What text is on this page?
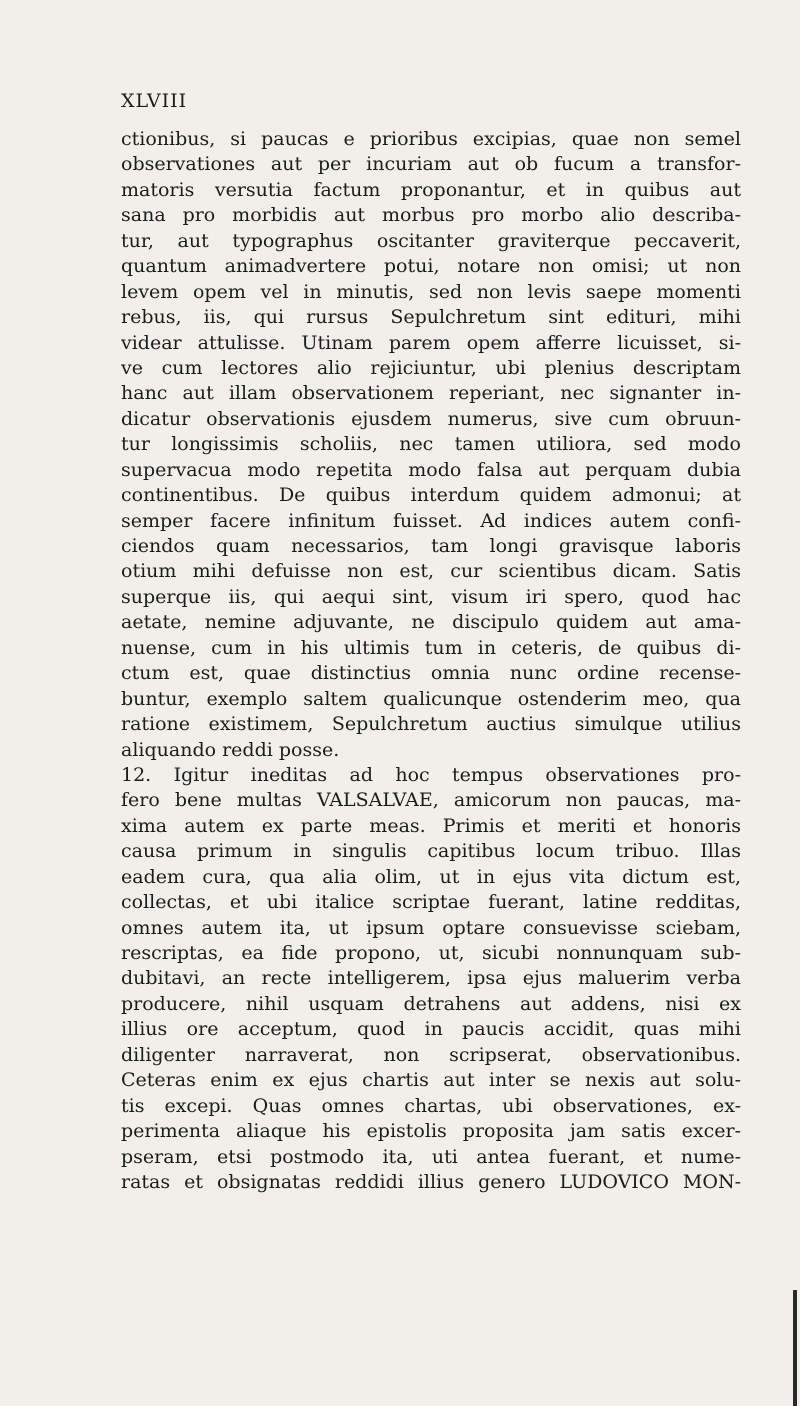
XLVIII
ctionibus, si paucas e prioribus excipias, quae non semel
observationes aut per incuriam aut ob fucum a transfor-
matoris versutia factum proponantur, et in quibus aut
sana pro morbidis aut morbus pro morbo alio describa-
tur, aut typographus oscitanter graviterque peccaverit,
quantum animadvertere potui, notare non omisi; ut non
levem opem vel in minutis, sed non levis saepe momenti
rebus, iis, qui rursus Sepulchretum sint edituri, mihi
videar attulisse. Utinam parem opem afferre licuisset, si-
ve cum lectores alio rejiciuntur, ubi plenius descriptam
hanc aut illam observationem reperiant, nec signanter in-
dicatur observationis ejusdem numerus, sive cum obruun-
tur longissimis scholiis, nec tamen utiliora, sed modo
supervacua modo repetita modo falsa aut perquam dubia
continentibus. De quibus interdum quidem admonui; at
semper facere infinitum fuisset. Ad indices autem confi-
ciendos quam necessarios, tam longi gravisque laboris
otium mihi defuisse non est, cur scientibus dicam. Satis
superque iis, qui aequi sint, visum iri spero, quod hac
aetate, nemine adjuvante, ne discipulo quidem aut ama-
nuense, cum in his ultimis tum in ceteris, de quibus di-
ctum est, quae distinctius omnia nunc ordine recense-
buntur, exemplo saltem qualicunque ostenderim meo, qua
ratione existimem, Sepulchretum auctius simulque utilius
aliquando reddi posse.
12. Igitur ineditas ad hoc tempus observationes pro-
fero bene multas VALSALVAE, amicorum non paucas, ma-
xima autem ex parte meas. Primis et meriti et honoris
causa primum in singulis capitibus locum tribuo. Illas
eadem cura, qua alia olim, ut in ejus vita dictum est,
collectas, et ubi italice scriptae fuerant, latine redditas,
omnes autem ita, ut ipsum optare consuevisse sciebam,
rescriptas, ea fide propono, ut, sicubi nonnunquam sub-
dubitavi, an recte intelligerem, ipsa ejus maluerim verba
producere, nihil usquam detrahens aut addens, nisi ex
illius ore acceptum, quod in paucis accidit, quas mihi
diligenter narraverat, non scripserat, observationibus.
Ceteras enim ex ejus chartis aut inter se nexis aut solu-
tis excepi. Quas omnes chartas, ubi observationes, ex-
perimenta aliaque his epistolis proposita jam satis excer-
pseram, etsi postmodo ita, uti antea fuerant, et nume-
ratas et obsignatas reddidi illius genero LUDOVICO MON-
